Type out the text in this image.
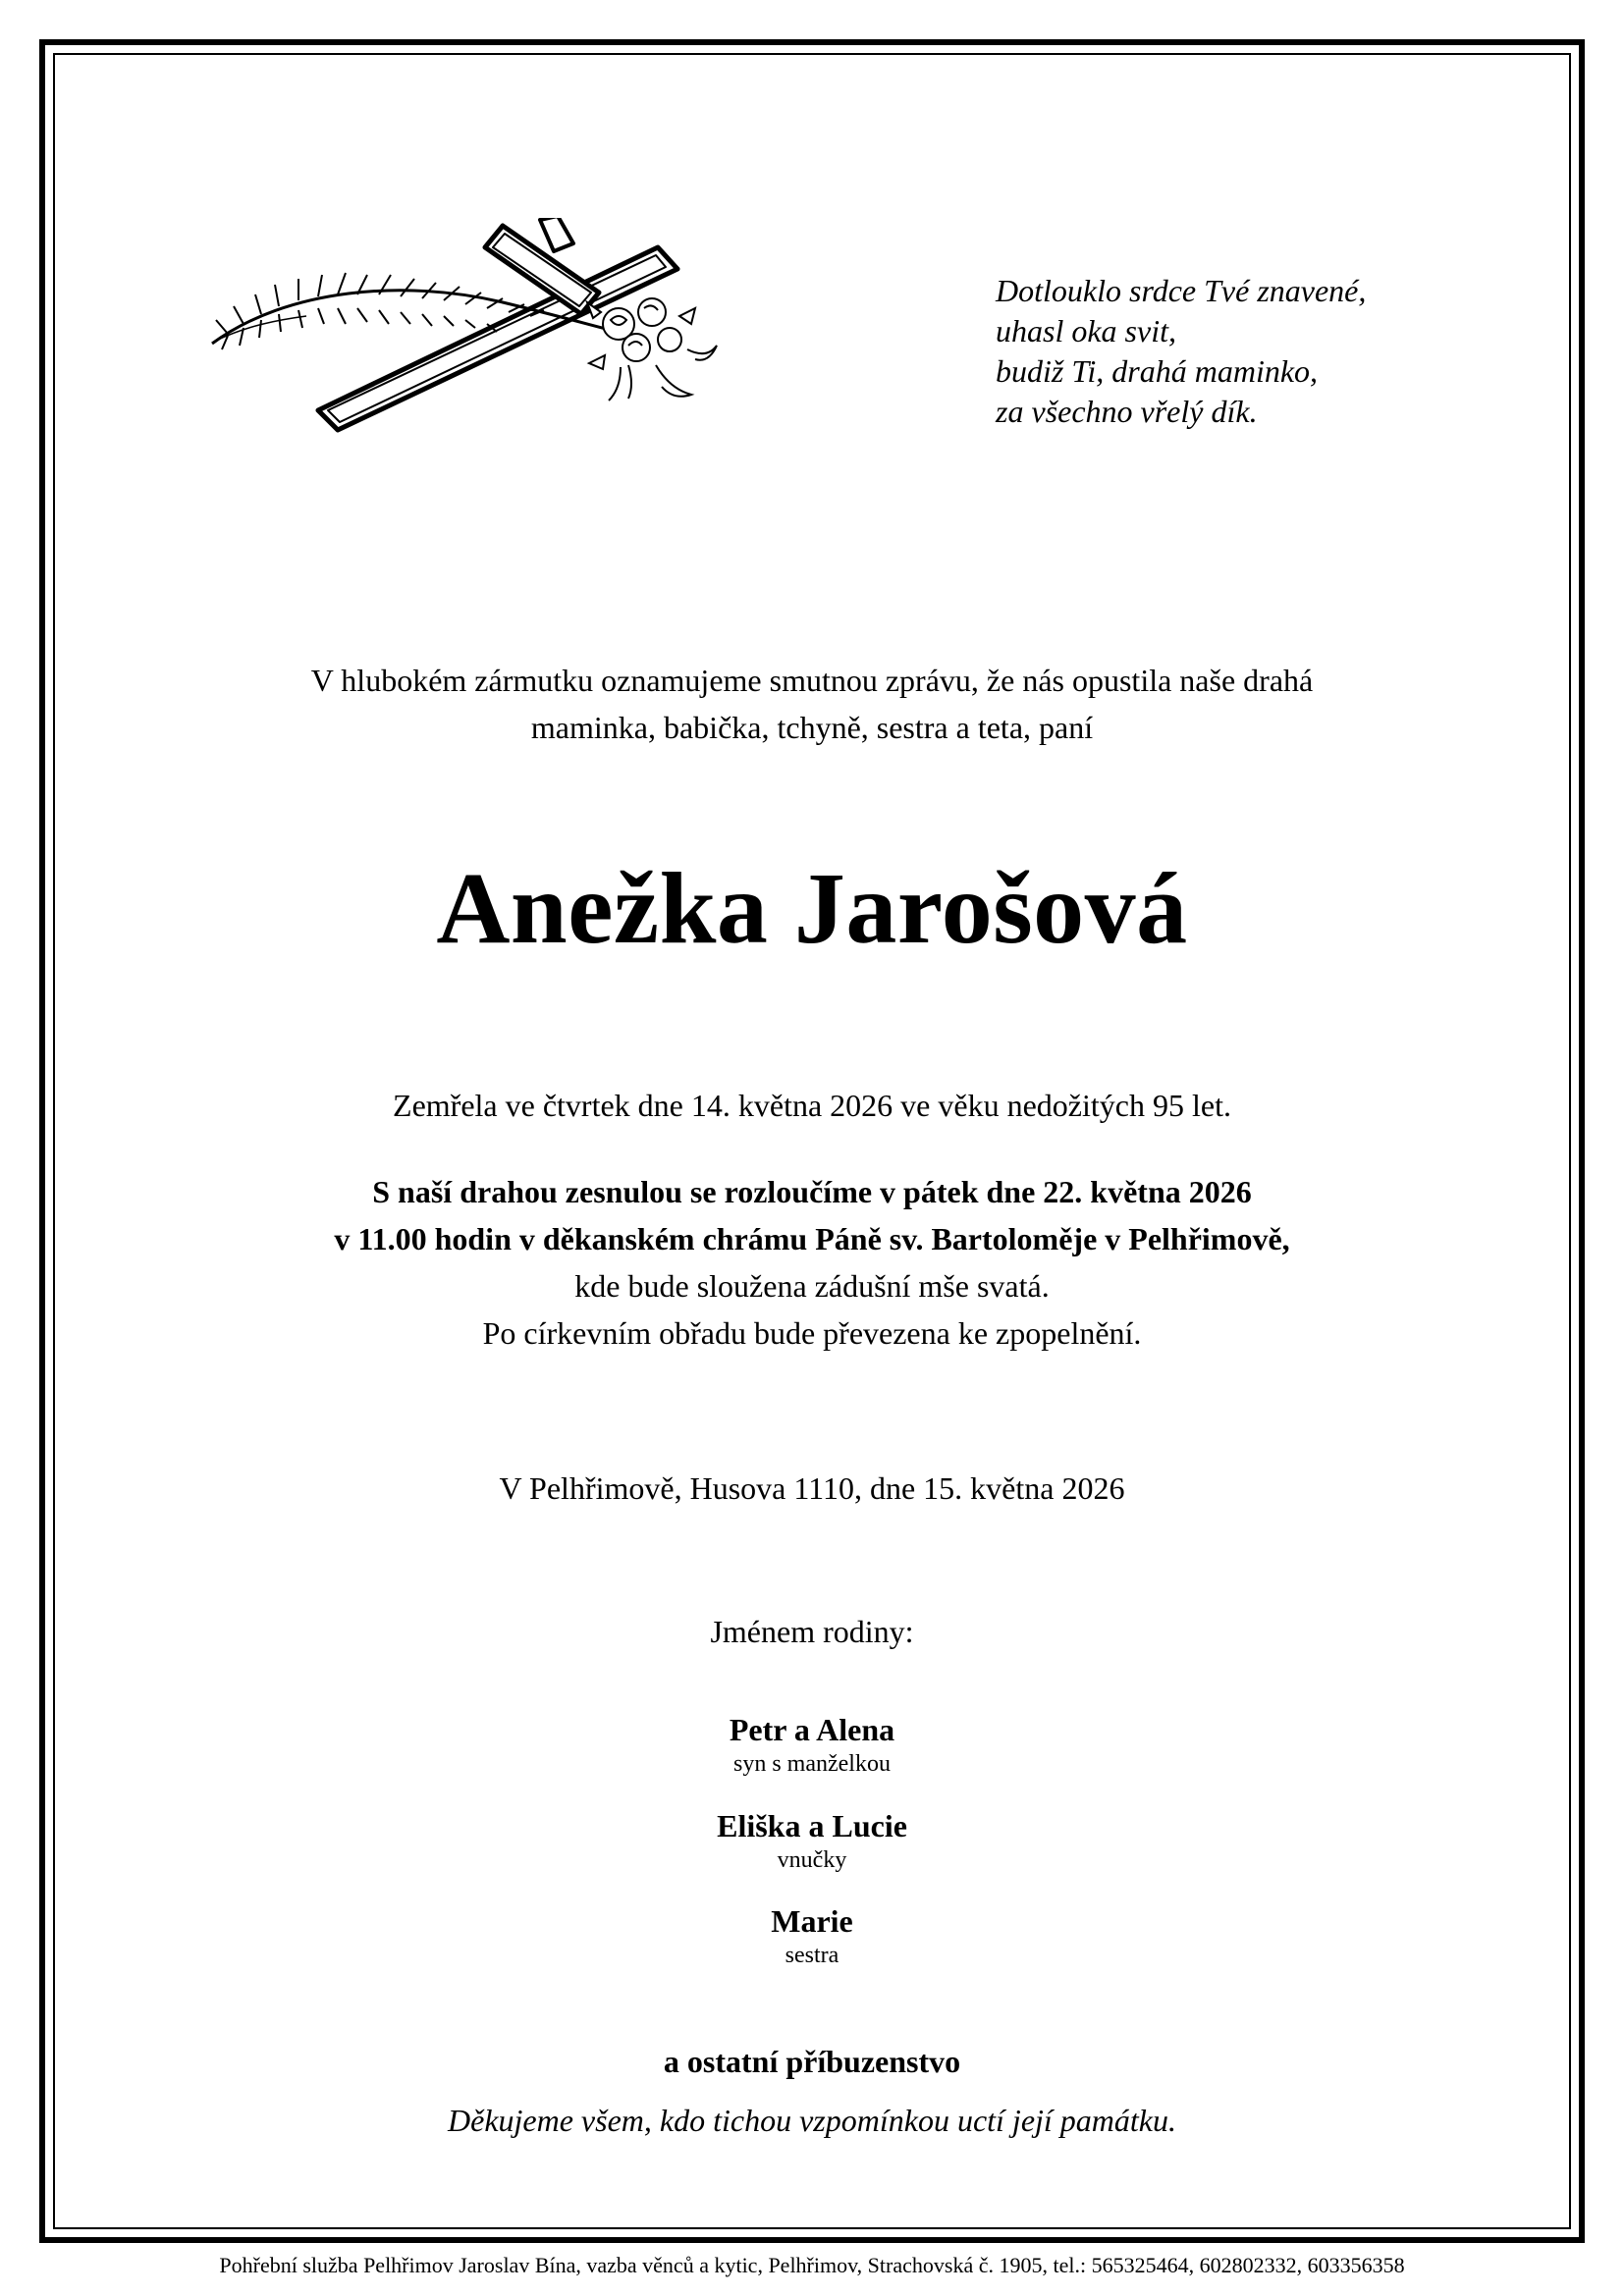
Dotlouklo srdce Tvé znavené,
uhasl oka svit,
budiž Ti, drahá maminko,
za všechno vřelý dík.
V hlubokém zármutku oznamujeme smutnou zprávu, že nás opustila naše drahá
maminka, babička, tchyně, sestra a teta, paní
Anežka Jarošová
Zemřela ve čtvrtek dne 14. května 2026 ve věku nedožitých 95 let.
S naší drahou zesnulou se rozloučíme v pátek dne 22. května 2026
v 11.00 hodin v děkanském chrámu Páně sv. Bartoloměje v Pelhřimově,
kde bude sloužena zádušní mše svatá.
Po církevním obřadu bude převezena ke zpopelnění.
V Pelhřimově, Husova 1110, dne 15. května 2026
Jménem rodiny:
Petr a Alena
syn s manželkou
Eliška a Lucie
vnučky
Marie
sestra
a ostatní příbuzenstvo
Děkujeme všem, kdo tichou vzpomínkou uctí její památku.
Pohřební služba Pelhřimov Jaroslav Bína, vazba věnců a kytic, Pelhřimov, Strachovská č. 1905, tel.: 565325464, 602802332, 603356358
